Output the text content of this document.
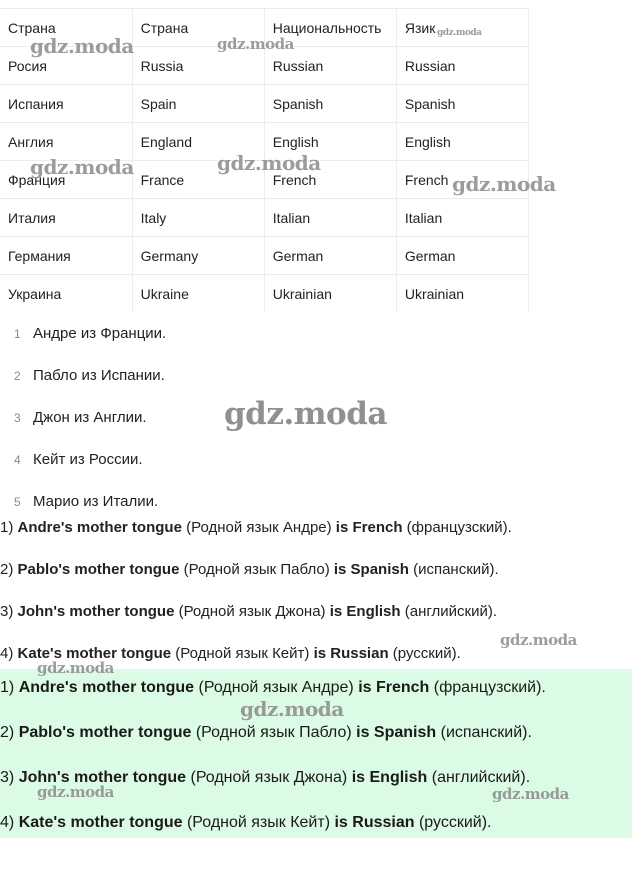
Страна	Страна	Национальность	Язик
Росия	Russia	Russian	Russian
Испания	Spain	Spanish	Spanish
Англия	England	English	English
Франция	France	French	French
Италия	Italy	Italian	Italian
Германия	Germany	German	German
Украина	Ukraine	Ukrainian	Ukrainian
1 Андре из Франции.
2 Пабло из Испании.
3 Джон из Англии.
4 Кейт из России.
5 Марио из Италии.

1) Andre's mother tongue (Родной язык Андре) is French (французский).

2) Pablo's mother tongue (Родной язык Пабло) is Spanish (испанский).

3) John's mother tongue (Родной язык Джона) is English (английский).

4) Kate's mother tongue (Родной язык Кейт) is Russian (русский).

1) Andre's mother tongue (Родной язык Андре) is French (французский).

2) Pablo's mother tongue (Родной язык Пабло) is Spanish (испанский).

3) John's mother tongue (Родной язык Джона) is English (английский).

4) Kate's mother tongue (Родной язык Кейт) is Russian (русский).

gdz.moda	gdz.moda
gdz.moda
gdz.moda	gdz.moda
gdz.moda
gdz.moda
gdz.moda
gdz.moda
gdz.moda
gdz.moda	gdz.moda
